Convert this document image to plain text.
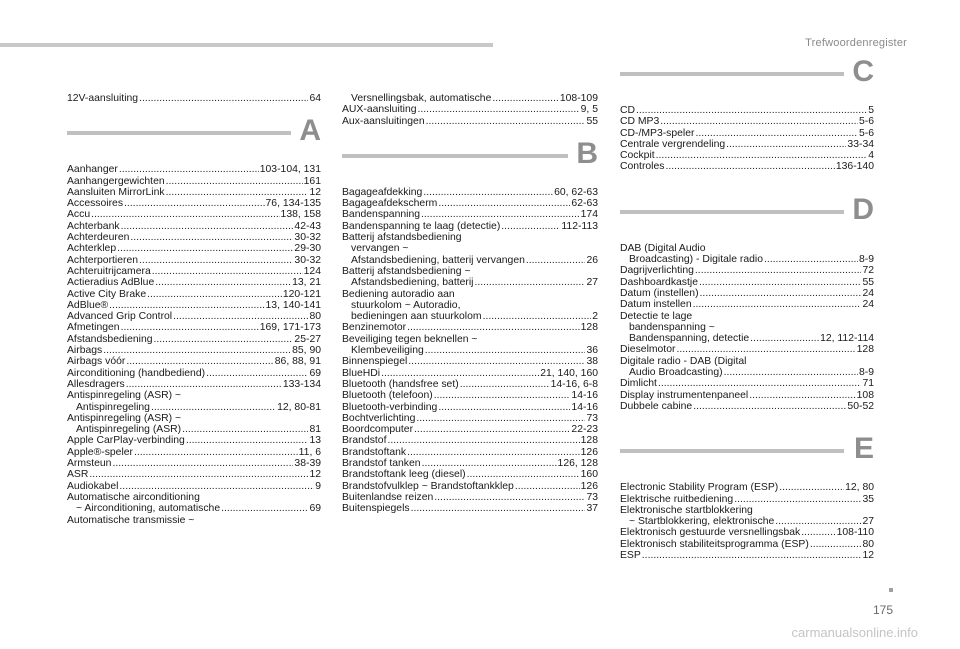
Trefwoordenregister
12V-aansluiting .....	64
A
Aanhanger .....	103-104, 131
Aanhangergewichten .....	161
Aansluiten MirrorLink .....	12
Accessoires .....	76, 134-135
Accu .....	138, 158
Achterbank .....	42-43
Achterdeuren .....	30-32
Achterklep .....	29-30
Achterportieren .....	30-32
Achteruitrijcamera .....	124
Actieradius AdBlue .....	13, 21
Active City Brake .....	120-121
AdBlue® .....	13, 140-141
Advanced Grip Control .....	80
Afmetingen .....	169, 171-173
Afstandsbediening .....	25-27
Airbags .....	85, 90
Airbags vóór .....	86, 88, 91
Airconditioning (handbediend) .....	69
Allesdragers .....	133-134
Antispinregeling (ASR) ~
Antispinregeling .....	12, 80-81
Antispinregeling (ASR) ~
Antispinregeling (ASR) .....	81
Apple CarPlay-verbinding .....	13
Apple®-speler .....	11, 6
Armsteun .....	38-39
ASR .....	12
Audiokabel .....	9
Automatische airconditioning
~ Airconditioning, automatische .....	69
Automatische transmissie ~
Versnellingsbak, automatische .....	108-109
AUX-aansluiting .....	9, 5
Aux-aansluitingen .....	55
B
Bagageafdekking .....	60, 62-63
Bagageafdekscherm .....	62-63
Bandenspanning .....	174
Bandenspanning te laag (detectie) .....	112-113
Batterij afstandsbediening
vervangen ~
Afstandsbediening, batterij vervangen .....	26
Batterij afstandsbediening ~
Afstandsbediening, batterij .....	27
Bediening autoradio aan
stuurkolom ~ Autoradio,
bedieningen aan stuurkolom .....	2
Benzinemotor .....	128
Beveiliging tegen beknellen ~
Klembeveiliging .....	36
Binnenspiegel .....	38
BlueHDi .....	21, 140, 160
Bluetooth (handsfree set) .....	14-16, 6-8
Bluetooth (telefoon) .....	14-16
Bluetooth-verbinding .....	14-16
Bochtverlichting .....	73
Boordcomputer .....	22-23
Brandstof .....	128
Brandstoftank .....	126
Brandstof tanken .....	126, 128
Brandstoftank leeg (diesel) .....	160
Brandstofvulklep ~ Brandstoftankklep .....	126
Buitenlandse reizen .....	73
Buitenspiegels .....	37
C
CD .....	5
CD MP3 .....	5-6
CD-/MP3-speler .....	5-6
Centrale vergrendeling .....	33-34
Cockpit .....	4
Controles .....	136-140
D
DAB (Digital Audio
Broadcasting) - Digitale radio .....	8-9
Dagrijverlichting .....	72
Dashboardkastje .....	55
Datum (instellen) .....	24
Datum instellen .....	24
Detectie te lage
bandenspanning ~
Bandenspanning, detectie .....	12, 112-114
Dieselmotor .....	128
Digitale radio - DAB (Digital
Audio Broadcasting) .....	8-9
Dimlicht .....	71
Display instrumentenpaneel .....	108
Dubbele cabine .....	50-52
E
Electronic Stability Program (ESP) .....	12, 80
Elektrische ruitbediening .....	35
Elektronische startblokkering
~ Startblokkering, elektronische .....	27
Elektronisch gestuurde versnellingsbak .....	108-110
Elektronisch stabiliteitsprogramma (ESP) .....	80
ESP .....	12
175
carmanualsonline.info
